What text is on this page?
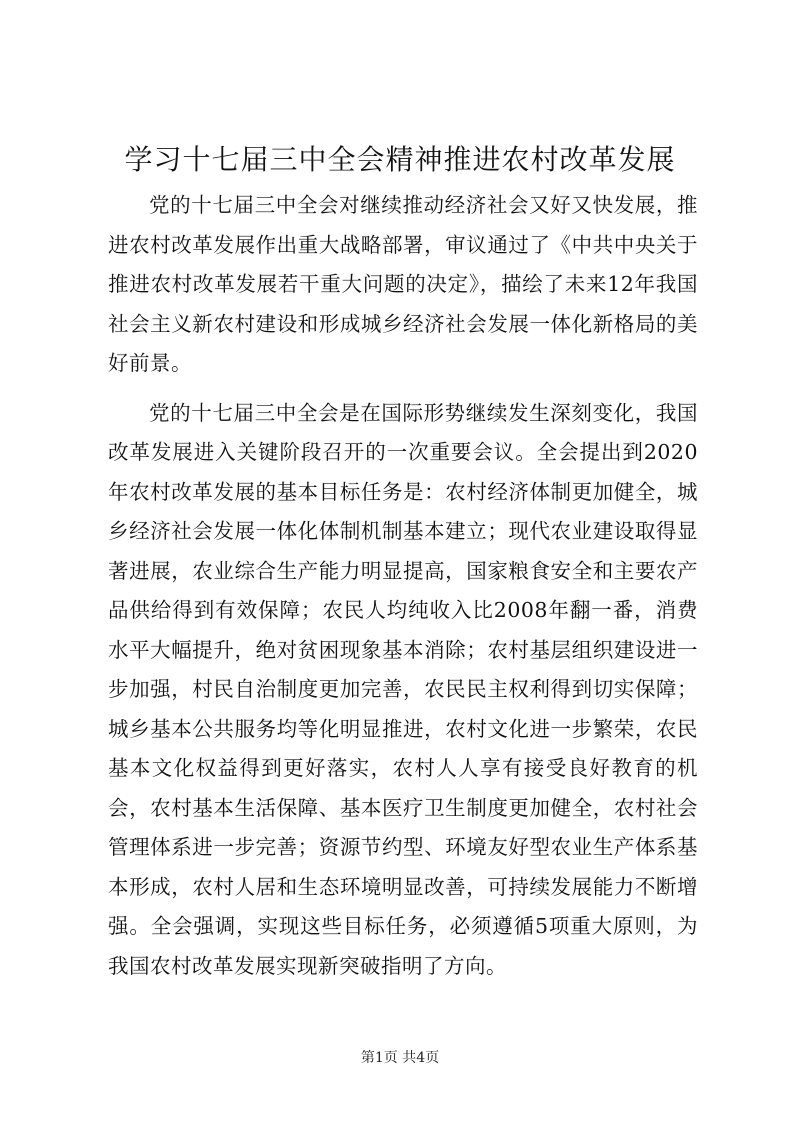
学习十七届三中全会精神推进农村改革发展

党的十七届三中全会对继续推动经济社会又好又快发展，推进农村改革发展作出重大战略部署，审议通过了《中共中央关于推进农村改革发展若干重大问题的决定》，描绘了未来12年我国社会主义新农村建设和形成城乡经济社会发展一体化新格局的美好前景。

党的十七届三中全会是在国际形势继续发生深刻变化，我国改革发展进入关键阶段召开的一次重要会议。全会提出到2020年农村改革发展的基本目标任务是：农村经济体制更加健全，城乡经济社会发展一体化体制机制基本建立；现代农业建设取得显著进展，农业综合生产能力明显提高，国家粮食安全和主要农产品供给得到有效保障；农民人均纯收入比2008年翻一番，消费水平大幅提升，绝对贫困现象基本消除；农村基层组织建设进一步加强，村民自治制度更加完善，农民民主权利得到切实保障；城乡基本公共服务均等化明显推进，农村文化进一步繁荣，农民基本文化权益得到更好落实，农村人人享有接受良好教育的机会，农村基本生活保障、基本医疗卫生制度更加健全，农村社会管理体系进一步完善；资源节约型、环境友好型农业生产体系基本形成，农村人居和生态环境明显改善，可持续发展能力不断增强。全会强调，实现这些目标任务，必须遵循5项重大原则，为我国农村改革发展实现新突破指明了方向。

第1页 共4页
